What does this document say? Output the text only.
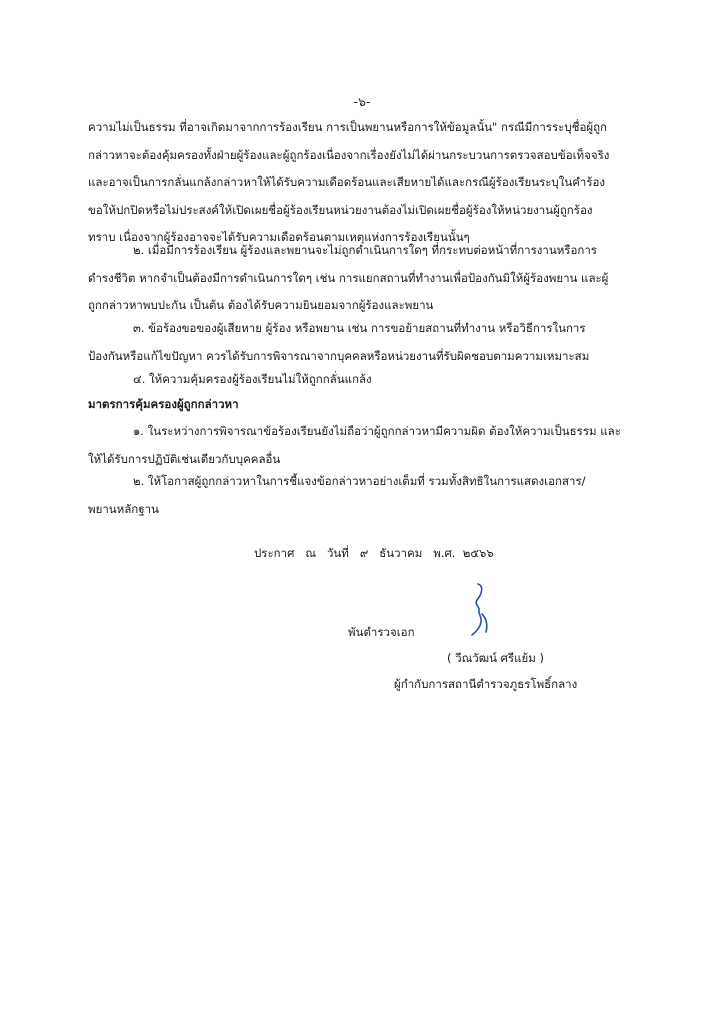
-๖-
ความไม่เป็นธรรม ที่อาจเกิดมาจากการร้องเรียน การเป็นพยานหรือการให้ข้อมูลนั้น" กรณีมีการระบุชื่อผู้ถูก
กล่าวหาจะต้องคุ้มครองทั้งฝ่ายผู้ร้องและผู้ถูกร้องเนื่องจากเรื่องยังไม่ได้ผ่านกระบวนการตรวจสอบข้อเท็จจริง
และอาจเป็นการกลั่นแกล้งกล่าวหาให้ได้รับความเดือดร้อนและเสียหายได้และกรณีผู้ร้องเรียนระบุในคำร้อง
ขอให้ปกปิดหรือไม่ประสงค์ให้เปิดเผยชื่อผู้ร้องเรียนหน่วยงานต้องไม่เปิดเผยชื่อผู้ร้องให้หน่วยงานผู้ถูกร้อง
ทราบ เนื่องจากผู้ร้องอาจจะได้รับความเดือดร้อนตามเหตุแห่งการร้องเรียนนั้นๆ
๒. เมื่อมีการร้องเรียน ผู้ร้องและพยานจะไม่ถูกดำเนินการใดๆ ที่กระทบต่อหน้าที่การงานหรือการ
ดำรงชีวิต หากจำเป็นต้องมีการดำเนินการใดๆ เช่น การแยกสถานที่ทำงานเพื่อป้องกันมิให้ผู้ร้องพยาน และผู้
ถูกกล่าวหาพบปะกัน เป็นต้น ต้องได้รับความยินยอมจากผู้ร้องและพยาน
๓. ข้อร้องขอของผู้เสียหาย ผู้ร้อง หรือพยาน เช่น การขอย้ายสถานที่ทำงาน หรือวิธีการในการ
ป้องกันหรือแก้ไขปัญหา ควรได้รับการพิจารณาจากบุคคลหรือหน่วยงานที่รับผิดชอบตามความเหมาะสม
๔. ให้ความคุ้มครองผู้ร้องเรียนไม่ให้ถูกกลั่นแกล้ง
มาตรการคุ้มครองผู้ถูกกล่าวหา
๑. ในระหว่างการพิจารณาข้อร้องเรียนยังไม่ถือว่าผู้ถูกกล่าวหามีความผิด ต้องให้ความเป็นธรรม และ
ให้ได้รับการปฏิบัติเช่นเดียวกับบุคคลอื่น
๒. ให้โอกาสผู้ถูกกล่าวหาในการชี้แจงข้อกล่าวหาอย่างเต็มที่ รวมทั้งสิทธิในการแสดงเอกสาร/
พยานหลักฐาน
ประกาศ   ณ   วันที่   ๙   ธันวาคม   พ.ศ.  ๒๕๖๖
พันตำรวจเอก
( วีณวัฒน์ ศรีแย้ม )
ผู้กำกับการสถานีตำรวจภูธรโพธิ์กลาง
